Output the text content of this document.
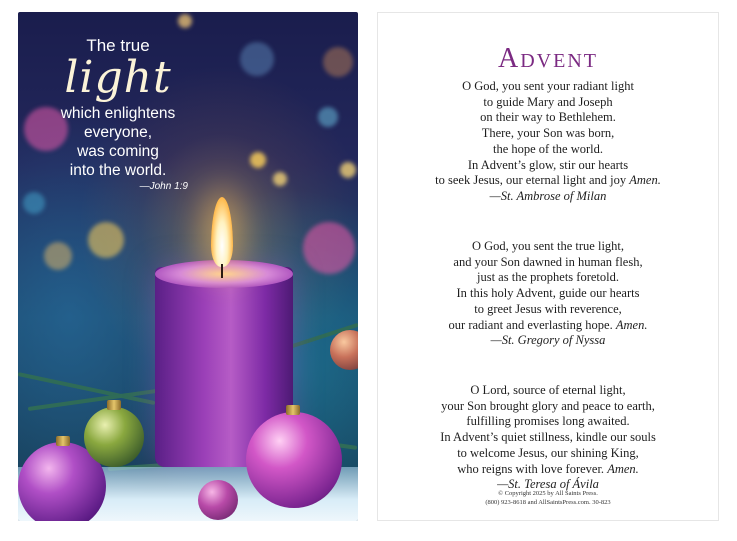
The true
light
which enlightens
everyone,
was coming
into the world.
—John 1:9
Advent
O God, you sent your radiant light
to guide Mary and Joseph
on their way to Bethlehem.
There, your Son was born,
the hope of the world.
In Advent’s glow, stir our hearts
to seek Jesus, our eternal light and joy Amen.
—St. Ambrose of Milan
O God, you sent the true light,
and your Son dawned in human flesh,
just as the prophets foretold.
In this holy Advent, guide our hearts
to greet Jesus with reverence,
our radiant and everlasting hope. Amen.
—St. Gregory of Nyssa
O Lord, source of eternal light,
your Son brought glory and peace to earth,
fulfilling promises long awaited.
In Advent’s quiet stillness, kindle our souls
to welcome Jesus, our shining King,
who reigns with love forever. Amen.
—St. Teresa of Ávila
© Copyright 2025 by All Saints Press.
(800) 923-8618 and AllSaintsPress.com. 30-823
